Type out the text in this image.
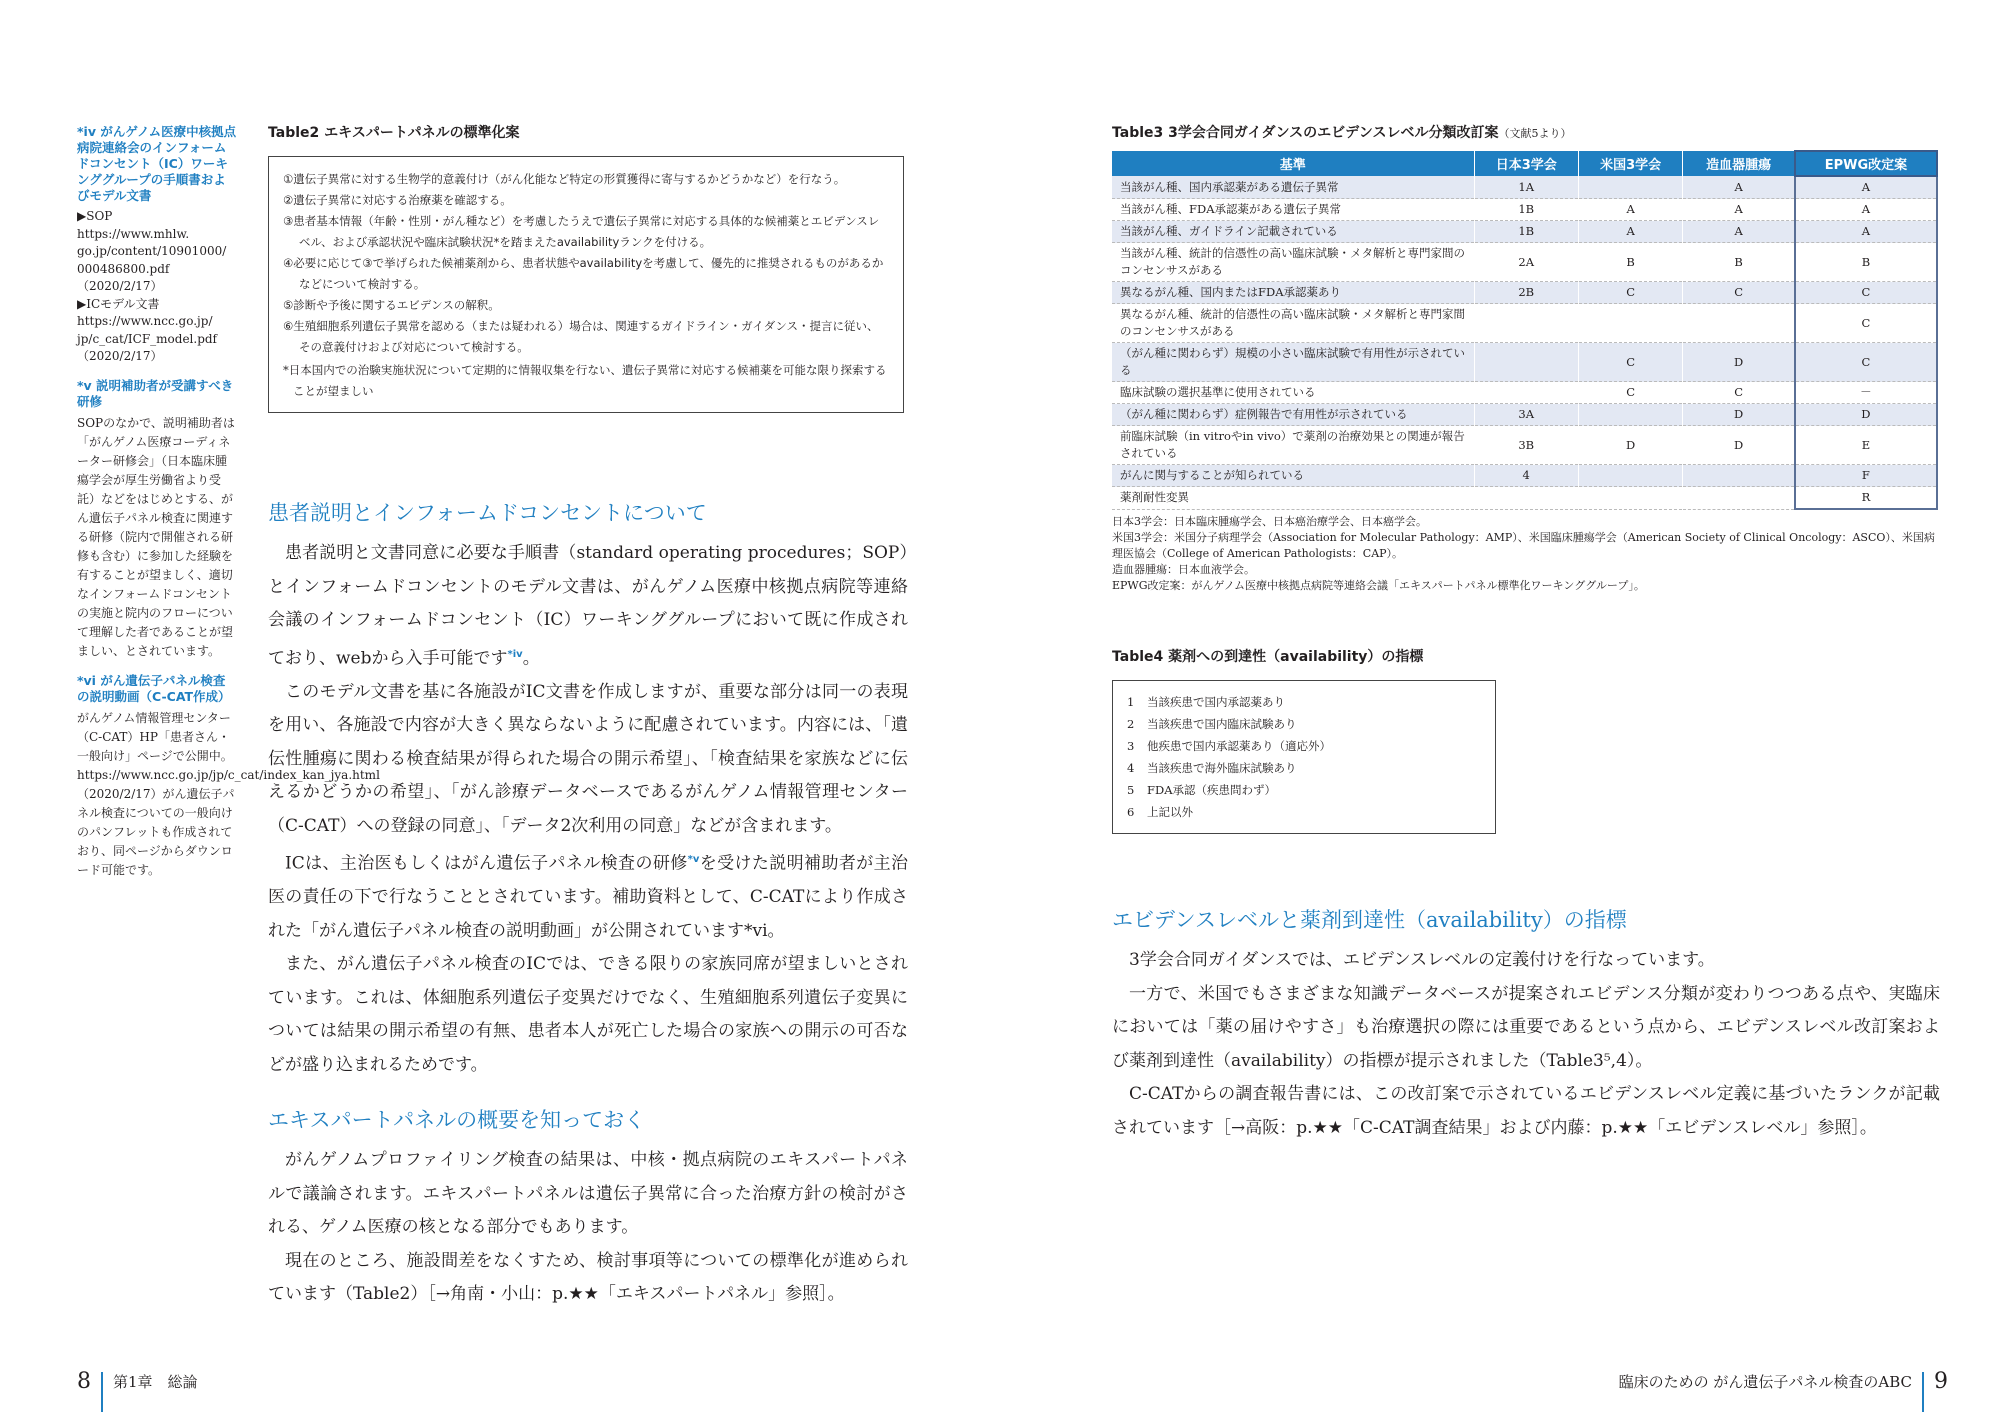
*iv がんゲノム医療中核拠点病院連絡会のインフォームドコンセント（IC）ワーキンググループの手順書およびモデル文書
▶SOP
https://www.mhlw.
go.jp/content/10901000/
000486800.pdf
（2020/2/17）
▶ICモデル文書
https://www.ncc.go.jp/
jp/c_cat/ICF_model.pdf
（2020/2/17）
*v 説明補助者が受講すべき研修
SOPのなかで、説明補助者は「がんゲノム医療コーディネーター研修会」（日本臨床腫瘍学会が厚生労働省より受託）などをはじめとする、がん遺伝子パネル検査に関連する研修（院内で開催される研修も含む）に参加した経験を有することが望ましく、適切なインフォームドコンセントの実施と院内のフローについて理解した者であることが望ましい、とされています。
*vi がん遺伝子パネル検査の説明動画（C-CAT作成）
がんゲノム情報管理センター（C-CAT）HP「患者さん・一般向け」ページで公開中。https://www.ncc.go.jp/jp/c_cat/index_kan_jya.html（2020/2/17）がん遺伝子パネル検査についての一般向けのパンフレットも作成されており、同ページからダウンロード可能です。
Table2 エキスパートパネルの標準化案
①遺伝子異常に対する生物学的意義付け（がん化能など特定の形質獲得に寄与するかどうかなど）を行なう。
②遺伝子異常に対応する治療薬を確認する。
③患者基本情報（年齢・性別・がん種など）を考慮したうえで遺伝子異常に対応する具体的な候補薬とエビデンスレベル、および承認状況や臨床試験状況*を踏まえたavailabilityランクを付ける。
④必要に応じて③で挙げられた候補薬剤から、患者状態やavailabilityを考慮して、優先的に推奨されるものがあるかなどについて検討する。
⑤診断や予後に関するエビデンスの解釈。
⑥生殖細胞系列遺伝子異常を認める（または疑われる）場合は、関連するガイドライン・ガイダンス・提言に従い、その意義付けおよび対応について検討する。
*日本国内での治験実施状況について定期的に情報収集を行ない、遺伝子異常に対応する候補薬を可能な限り探索することが望ましい
患者説明とインフォームドコンセントについて

患者説明と文書同意に必要な手順書（standard operating procedures；SOP）とインフォームドコンセントのモデル文書は、がんゲノム医療中核拠点病院等連絡会議のインフォームドコンセント（IC）ワーキンググループにおいて既に作成されており、webから入手可能です$^{*iv}$。

このモデル文書を基に各施設がIC文書を作成しますが、重要な部分は同一の表現を用い、各施設で内容が大きく異ならないように配慮されています。内容には、「遺伝性腫瘍に関わる検査結果が得られた場合の開示希望」、「検査結果を家族などに伝えるかどうかの希望」、「がん診療データベースであるがんゲノム情報管理センター（C-CAT）への登録の同意」、「データ2次利用の同意」などが含まれます。

ICは、主治医もしくはがん遺伝子パネル検査の研修$^{*v}$を受けた説明補助者が主治医の責任の下で行なうこととされています。補助資料として、C-CATにより作成された「がん遺伝子パネル検査の説明動画」が公開されています*vi。

また、がん遺伝子パネル検査のICでは、できる限りの家族同席が望ましいとされています。これは、体細胞系列遺伝子変異だけでなく、生殖細胞系列遺伝子変異については結果の開示希望の有無、患者本人が死亡した場合の家族への開示の可否などが盛り込まれるためです。

エキスパートパネルの概要を知っておく

がんゲノムプロファイリング検査の結果は、中核・拠点病院のエキスパートパネルで議論されます。エキスパートパネルは遺伝子異常に合った治療方針の検討がされる、ゲノム医療の核となる部分でもあります。

現在のところ、施設間差をなくすため、検討事項等についての標準化が進められています（Table2）［→角南・小山：p.★★「エキスパートパネル」参照］。

Table3 3学会合同ガイダンスのエビデンスレベル分類改訂案（文献5より）
基準	日本3学会	米国3学会	造血器腫瘍	EPWG改定案
当該がん種、国内承認薬がある遺伝子異常	1A		A	A
当該がん種、FDA承認薬がある遺伝子異常	1B	A	A	A
当該がん種、ガイドライン記載されている	1B	A	A	A
当該がん種、統計的信憑性の高い臨床試験・メタ解析と専門家間のコンセンサスがある	2A	B	B	B
異なるがん種、国内またはFDA承認薬あり	2B	C	C	C
異なるがん種、統計的信憑性の高い臨床試験・メタ解析と専門家間のコンセンサスがある				C
（がん種に関わらず）規模の小さい臨床試験で有用性が示されている		C	D	C
臨床試験の選択基準に使用されている		C	C	－
（がん種に関わらず）症例報告で有用性が示されている	3A		D	D
前臨床試験（in vitroやin vivo）で薬剤の治療効果との関連が報告されている	3B	D	D	E
がんに関与することが知られている	4			F
薬剤耐性変異				R
日本3学会：日本臨床腫瘍学会、日本癌治療学会、日本癌学会。
米国3学会：米国分子病理学会（Association for Molecular Pathology：AMP）、米国臨床腫瘍学会（American Society of Clinical Oncology：ASCO）、米国病理医協会（College of American Pathologists：CAP）。
造血器腫瘍：日本血液学会。
EPWG改定案：がんゲノム医療中核拠点病院等連絡会議「エキスパートパネル標準化ワーキンググループ」。
Table4 薬剤への到達性（availability）の指標
1 当該疾患で国内承認薬あり
2 当該疾患で国内臨床試験あり
3 他疾患で国内承認薬あり（適応外）
4 当該疾患で海外臨床試験あり
5 FDA承認（疾患問わず）
6 上記以外
エビデンスレベルと薬剤到達性（availability）の指標

3学会合同ガイダンスでは、エビデンスレベルの定義付けを行なっています。

一方で、米国でもさまざまな知識データベースが提案されエビデンス分類が変わりつつある点や、実臨床においては「薬の届けやすさ」も治療選択の際には重要であるという点から、エビデンスレベル改訂案および薬剤到達性（availability）の指標が提示されました（Table3⁵,4）。

C-CATからの調査報告書には、この改訂案で示されているエビデンスレベル定義に基づいたランクが記載されています［→高阪：p.★★「C-CAT調査結果」および内藤：p.★★「エビデンスレベル」参照］。

8 第1章　総論	臨床のための がん遺伝子パネル検査のABC 9
